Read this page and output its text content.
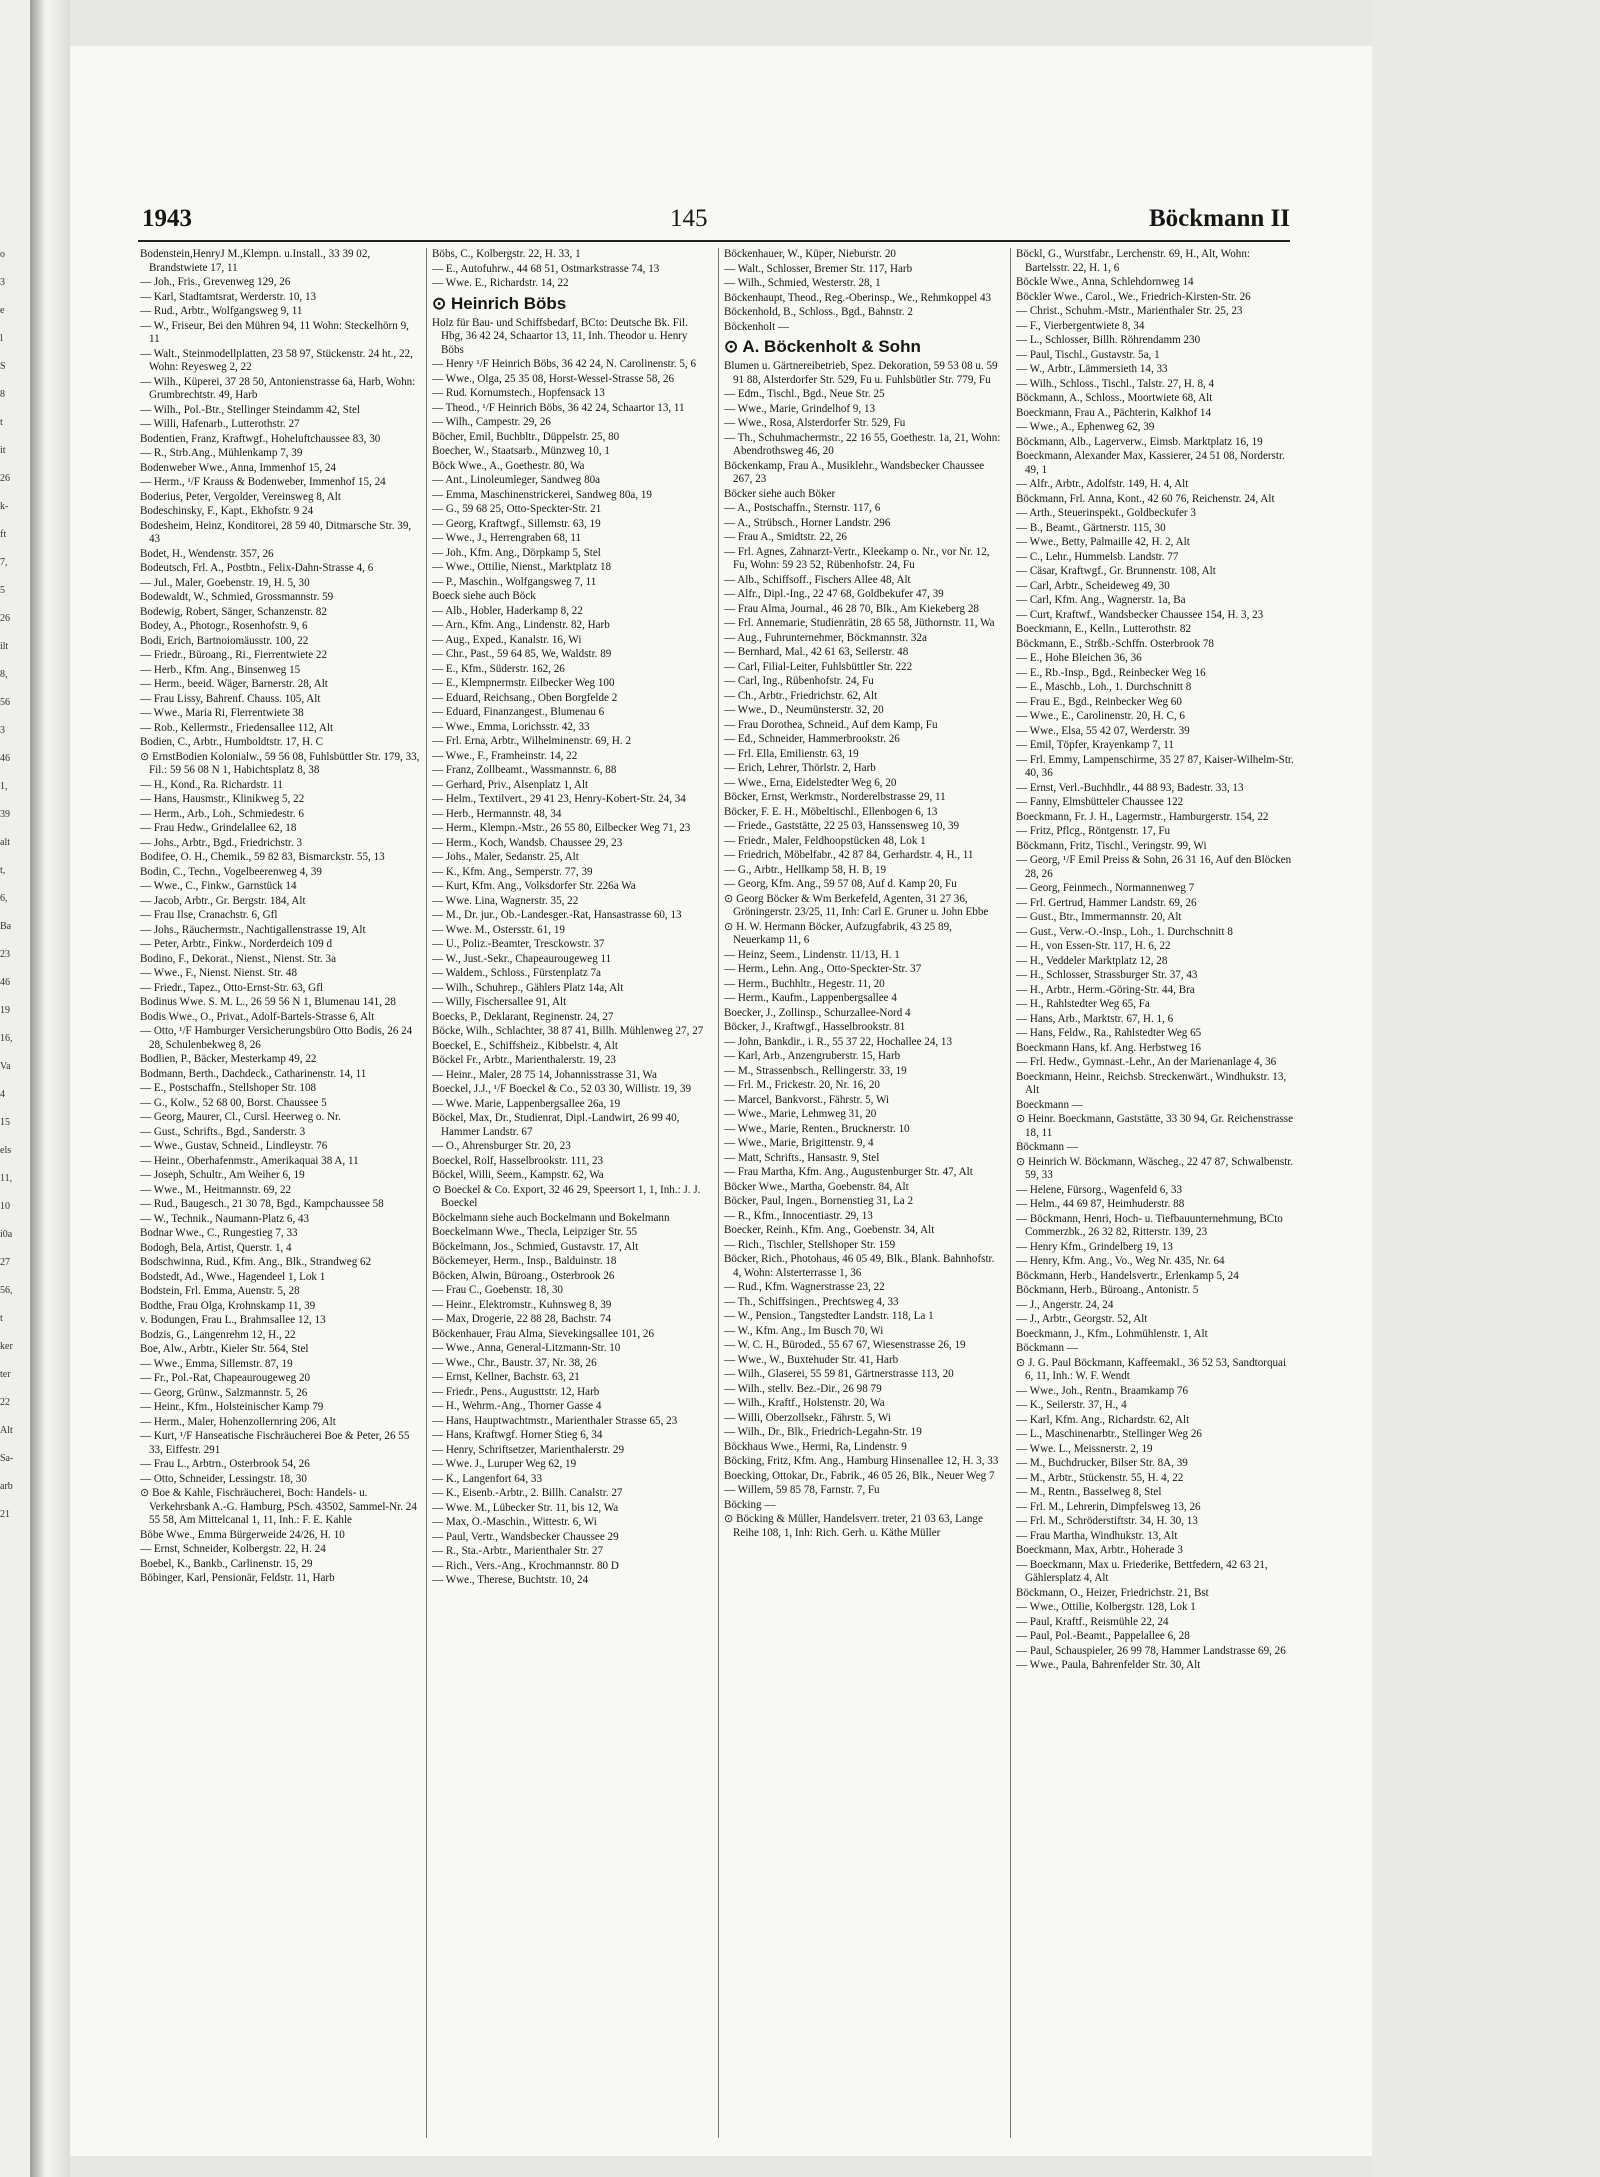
o
3
e
l
S
8
t
it
26
k-
ft
7,
5
26
ilt
8,
56
3
46
1,
39
alt
t,
6,
Ba
23
46
19
16,
Va
4
15
els
11,
10
i0a
27
56,
t
ker
ter
22
Alt
Sa-
arb
21
1943	145	Böckmann II
Bodenstein,HenryJ M.,Klempn. u.Install., 33 39 02, Brandstwiete 17, 11
— Joh., Fris., Grevenweg 129, 26
— Karl, Stadtamtsrat, Werderstr. 10, 13
— Rud., Arbtr., Wolfgangsweg 9, 11
— W., Friseur, Bei den Mühren 94, 11 Wohn: Steckelhörn 9, 11
— Walt., Steinmodellplatten, 23 58 97, Stückenstr. 24 ht., 22, Wohn: Reyesweg 2, 22
— Wilh., Küperei, 37 28 50, Antonienstrasse 6a, Harb, Wohn: Grumbrechtstr. 49, Harb
— Wilh., Pol.-Btr., Stellinger Steindamm 42, Stel
— Willi, Hafenarb., Lutterothstr. 27
Bodentien, Franz, Kraftwgf., Hoheluftchaussee 83, 30
— R., Strb.Ang., Mühlenkamp 7, 39
Bodenweber Wwe., Anna, Immenhof 15, 24
— Herm., ¹/F Krauss & Bodenweber, Immenhof 15, 24
Boderius, Peter, Vergolder, Vereinsweg 8, Alt
Bodeschinsky, F., Kapt., Ekhofstr. 9 24
Bodesheim, Heinz, Konditorei, 28 59 40, Ditmarsche Str. 39, 43
Bodet, H., Wendenstr. 357, 26
Bodeutsch, Frl. A., Postbtn., Felix-Dahn-Strasse 4, 6
— Jul., Maler, Goebenstr. 19, H. 5, 30
Bodewaldt, W., Schmied, Grossmannstr. 59
Bodewig, Robert, Sänger, Schanzenstr. 82
Bodey, A., Photogr., Rosenhofstr. 9, 6
Bodi, Erich, Bartnoiomäusstr. 100, 22
— Friedr., Büroang., Ri., Fierrentwiete 22
— Herb., Kfm. Ang., Binsenweg 15
— Herm., beeid. Wäger, Barnerstr. 28, Alt
— Frau Lissy, Bahrenf. Chauss. 105, Alt
— Wwe., Maria Ri, Flerrentwiete 38
— Rob., Kellermstr., Friedensallee 112, Alt
Bodien, C., Arbtr., Humboldtstr. 17, H. C
⊙ ErnstBodien Kolonialw., 59 56 08, Fuhlsbüttler Str. 179, 33, Fil.: 59 56 08 N 1, Habichtsplatz 8, 38
— H., Kond., Ra. Richardstr. 11
— Hans, Hausmstr., Klinikweg 5, 22
— Herm., Arb., Loh., Schmiedestr. 6
— Frau Hedw., Grindelallee 62, 18
— Johs., Arbtr., Bgd., Friedrichstr. 3
Bodifee, O. H., Chemik., 59 82 83, Bismarckstr. 55, 13
Bodin, C., Techn., Vogelbeerenweg 4, 39
— Wwe., C., Finkw., Garnstück 14
— Jacob, Arbtr., Gr. Bergstr. 184, Alt
— Frau Ilse, Cranachstr. 6, Gfl
— Johs., Räuchermstr., Nachtigallenstrasse 19, Alt
— Peter, Arbtr., Finkw., Norderdeich 109 d
Bodino, F., Dekorat., Nienst., Nienst. Str. 3a
— Wwe., F., Nienst. Nienst. Str. 48
— Friedr., Tapez., Otto-Ernst-Str. 63, Gfl
Bodinus Wwe. S. M. L., 26 59 56 N 1, Blumenau 141, 28
Bodis Wwe., O., Privat., Adolf-Bartels-Strasse 6, Alt
— Otto, ¹/F Hamburger Versicherungsbüro Otto Bodis, 26 24 28, Schulenbekweg 8, 26
Bodlien, P., Bäcker, Mesterkamp 49, 22
Bodmann, Berth., Dachdeck., Catharinenstr. 14, 11
— E., Postschaffn., Stellshoper Str. 108
— G., Kolw., 52 68 00, Borst. Chaussee 5
— Georg, Maurer, Cl., Cursl. Heerweg o. Nr.
— Gust., Schrifts., Bgd., Sanderstr. 3
— Wwe., Gustav, Schneid., Lindleystr. 76
— Heinr., Oberhafenmstr., Amerikaquai 38 A, 11
— Joseph, Schultr., Am Weiher 6, 19
— Wwe., M., Heitmannstr. 69, 22
— Rud., Baugesch., 21 30 78, Bgd., Kampchaussee 58
— W., Technik., Naumann-Platz 6, 43
Bodnar Wwe., C., Rungestieg 7, 33
Bodogh, Bela, Artist, Querstr. 1, 4
Bodschwinna, Rud., Kfm. Ang., Blk., Strandweg 62
Bodstedt, Ad., Wwe., Hagendeel 1, Lok 1
Bodstein, Frl. Emma, Auenstr. 5, 28
Bodthe, Frau Olga, Krohnskamp 11, 39
v. Bodungen, Frau L., Brahmsallee 12, 13
Bodzis, G., Langenrehm 12, H., 22
Boe, Alw., Arbtr., Kieler Str. 564, Stel
— Wwe., Emma, Sillemstr. 87, 19
— Fr., Pol.-Rat, Chapeaurougeweg 20
— Georg, Grünw., Salzmannstr. 5, 26
— Heinr., Kfm., Holsteinischer Kamp 79
— Herm., Maler, Hohenzollernring 206, Alt
— Kurt, ¹/F Hanseatische Fischräucherei Boe & Peter, 26 55 33, Eiffestr. 291
— Frau L., Arbtrn., Osterbrook 54, 26
— Otto, Schneider, Lessingstr. 18, 30
⊙ Boe & Kahle, Fischräucherei, Boch: Handels- u. Verkehrsbank A.-G. Hamburg, PSch. 43502, Sammel-Nr. 24 55 58, Am Mittelcanal 1, 11, Inh.: F. E. Kahle
Böbe Wwe., Emma Bürgerweide 24/26, H. 10
— Ernst, Schneider, Kolbergstr. 22, H. 24
Boebel, K., Bankb., Carlinenstr. 15, 29
Böbinger, Karl, Pensionär, Feldstr. 11, Harb
Böbs, C., Kolbergstr. 22, H. 33, 1
— E., Autofuhrw., 44 68 51, Ostmarkstrasse 74, 13
— Wwe. E., Richardstr. 14, 22
⊙ Heinrich Böbs
Holz für Bau- und Schiffsbedarf, BCto: Deutsche Bk. Fil. Hbg, 36 42 24, Schaartor 13, 11, Inh. Theodor u. Henry Böbs
— Henry ¹/F Heinrich Böbs, 36 42 24, N. Carolinenstr. 5, 6
— Wwe., Olga, 25 35 08, Horst-Wessel-Strasse 58, 26
— Rud. Kornumstech., Hopfensack 13
— Theod., ¹/F Heinrich Böbs, 36 42 24, Schaartor 13, 11
— Wilh., Campestr. 29, 26
Böcher, Emil, Buchbltr., Düppelstr. 25, 80
Boecher, W., Staatsarb., Münzweg 10, 1
Böck Wwe., A., Goethestr. 80, Wa
— Ant., Linoleumleger, Sandweg 80a
— Emma, Maschinenstrickerei, Sandweg 80a, 19
— G., 59 68 25, Otto-Speckter-Str. 21
— Georg, Kraftwgf., Sillemstr. 63, 19
— Wwe., J., Herrengraben 68, 11
— Joh., Kfm. Ang., Dörpkamp 5, Stel
— Wwe., Ottilie, Nienst., Marktplatz 18
— P., Maschin., Wolfgangsweg 7, 11
Boeck siehe auch Böck
— Alb., Hobler, Haderkamp 8, 22
— Arn., Kfm. Ang., Lindenstr. 82, Harb
— Aug., Exped., Kanalstr. 16, Wi
— Chr., Past., 59 64 85, We, Waldstr. 89
— E., Kfm., Süderstr. 162, 26
— E., Klempnermstr. Eilbecker Weg 100
— Eduard, Reichsang., Oben Borgfelde 2
— Eduard, Finanzangest., Blumenau 6
— Wwe., Emma, Lorichsstr. 42, 33
— Frl. Erna, Arbtr., Wilhelminenstr. 69, H. 2
— Wwe., F., Framheinstr. 14, 22
— Franz, Zollbeamt., Wassmannstr. 6, 88
— Gerhard, Priv., Alsenplatz 1, Alt
— Helm., Textilvert., 29 41 23, Henry-Kobert-Str. 24, 34
— Herb., Hermannstr. 48, 34
— Herm., Klempn.-Mstr., 26 55 80, Eilbecker Weg 71, 23
— Herm., Koch, Wandsb. Chaussee 29, 23
— Johs., Maler, Sedanstr. 25, Alt
— K., Kfm. Ang., Semperstr. 77, 39
— Kurt, Kfm. Ang., Volksdorfer Str. 226a Wa
— Wwe. Lina, Wagnerstr. 35, 22
— M., Dr. jur., Ob.-Landesger.-Rat, Hansastrasse 60, 13
— Wwe. M., Ostersstr. 61, 19
— U., Poliz.-Beamter, Tresckowstr. 37
— W., Just.-Sekr., Chapeaurougeweg 11
— Waldem., Schloss., Fürstenplatz 7a
— Wilh., Schuhrep., Gählers Platz 14a, Alt
— Willy, Fischersallee 91, Alt
Boecks, P., Deklarant, Reginenstr. 24, 27
Böcke, Wilh., Schlachter, 38 87 41, Billh. Mühlenweg 27, 27
Boeckel, E., Schiffsheiz., Kibbelstr. 4, Alt
Böckel Fr., Arbtr., Marienthalerstr. 19, 23
— Heinr., Maler, 28 75 14, Johannisstrasse 31, Wa
Boeckel, J.J., ¹/F Boeckel & Co., 52 03 30, Willistr. 19, 39
— Wwe. Marie, Lappenbergsallee 26a, 19
Böckel, Max, Dr., Studienrat, Dipl.-Landwirt, 26 99 40, Hammer Landstr. 67
— O., Ahrensburger Str. 20, 23
Boeckel, Rolf, Hasselbrookstr. 111, 23
Böckel, Willi, Seem., Kampstr. 62, Wa
⊙ Boeckel & Co. Export, 32 46 29, Speersort 1, 1, Inh.: J. J. Boeckel
Böckelmann siehe auch Bockelmann und Bokelmann
Boeckelmann Wwe., Thecla, Leipziger Str. 55
Böckelmann, Jos., Schmied, Gustavstr. 17, Alt
Böckemeyer, Herm., Insp., Balduinstr. 18
Böcken, Alwin, Büroang., Osterbrook 26
— Frau C., Goebenstr. 18, 30
— Heinr., Elektromstr., Kuhnsweg 8, 39
— Max, Drogerie, 22 88 28, Bachstr. 74
Böckenhauer, Frau Alma, Sievekingsallee 101, 26
— Wwe., Anna, General-Litzmann-Str. 10
— Wwe., Chr., Baustr. 37, Nr. 38, 26
— Ernst, Kellner, Bachstr. 63, 21
— Friedr., Pens., Augusttstr. 12, Harb
— H., Wehrm.-Ang., Thorner Gasse 4
— Hans, Hauptwachtmstr., Marienthaler Strasse 65, 23
— Hans, Kraftwgf. Horner Stieg 6, 34
— Henry, Schriftsetzer, Marienthalerstr. 29
— Wwe. J., Luruper Weg 62, 19
— K., Langenfort 64, 33
— K., Eisenb.-Arbtr., 2. Billh. Canalstr. 27
— Wwe. M., Lübecker Str. 11, bis 12, Wa
— Max, O.-Maschin., Wittestr. 6, Wi
— Paul, Vertr., Wandsbecker Chaussee 29
— R., Sta.-Arbtr., Marienthaler Str. 27
— Rich., Vers.-Ang., Krochmannstr. 80 D
— Wwe., Therese, Buchtstr. 10, 24
Böckenhauer, W., Küper, Nieburstr. 20
— Walt., Schlosser, Bremer Str. 117, Harb
— Wilh., Schmied, Westerstr. 28, 1
Böckenhaupt, Theod., Reg.-Oberinsp., We., Rehmkoppel 43
Böckenhold, B., Schloss., Bgd., Bahnstr. 2
Böckenholt —
⊙ A. Böckenholt & Sohn
Blumen u. Gärtnereibetrieb, Spez. Dekoration, 59 53 08 u. 59 91 88, Alsterdorfer Str. 529, Fu u. Fuhlsbütler Str. 779, Fu
— Edm., Tischl., Bgd., Neue Str. 25
— Wwe., Marie, Grindelhof 9, 13
— Wwe., Rosa, Alsterdorfer Str. 529, Fu
— Th., Schuhmachermstr., 22 16 55, Goethestr. 1a, 21, Wohn: Abendrothsweg 46, 20
Böckenkamp, Frau A., Musiklehr., Wandsbecker Chaussee 267, 23
Böcker siehe auch Böker
— A., Postschaffn., Sternstr. 117, 6
— A., Strübsch., Horner Landstr. 296
— Frau A., Smidtstr. 22, 26
— Frl. Agnes, Zahnarzt-Vertr., Kleekamp o. Nr., vor Nr. 12, Fu, Wohn: 59 23 52, Rübenhofstr. 24, Fu
— Alb., Schiffsoff., Fischers Allee 48, Alt
— Alfr., Dipl.-Ing., 22 47 68, Goldbekufer 47, 39
— Frau Alma, Journal., 46 28 70, Blk., Am Kiekeberg 28
— Frl. Annemarie, Studienrätin, 28 65 58, Jüthornstr. 11, Wa
— Aug., Fuhrunternehmer, Böckmannstr. 32a
— Bernhard, Mal., 42 61 63, Seilerstr. 48
— Carl, Filial-Leiter, Fuhlsbüttler Str. 222
— Carl, Ing., Rübenhofstr. 24, Fu
— Ch., Arbtr., Friedrichstr. 62, Alt
— Wwe., D., Neumünsterstr. 32, 20
— Frau Dorothea, Schneid., Auf dem Kamp, Fu
— Ed., Schneider, Hammerbrookstr. 26
— Frl. Ella, Emilienstr. 63, 19
— Erich, Lehrer, Thörlstr. 2, Harb
— Wwe., Erna, Eidelstedter Weg 6, 20
Böcker, Ernst, Werkmstr., Norderelbstrasse 29, 11
Böcker, F. E. H., Möbeltischl., Ellenbogen 6, 13
— Friede., Gaststätte, 22 25 03, Hanssensweg 10, 39
— Friedr., Maler, Feldhoopstücken 48, Lok 1
— Friedrich, Möbelfabr., 42 87 84, Gerhardstr. 4, H., 11
— G., Arbtr., Hellkamp 58, H. B, 19
— Georg, Kfm. Ang., 59 57 08, Auf d. Kamp 20, Fu
⊙ Georg Böcker & Wm Berkefeld, Agenten, 31 27 36, Gröningerstr. 23/25, 11, Inh: Carl E. Gruner u. John Ebbe
⊙ H. W. Hermann Böcker, Aufzugfabrik, 43 25 89, Neuerkamp 11, 6
— Heinz, Seem., Lindenstr. 11/13, H. 1
— Herm., Lehn. Ang., Otto-Speckter-Str. 37
— Herm., Buchhltr., Hegestr. 11, 20
— Herm., Kaufm., Lappenbergsallee 4
Boecker, J., Zollinsp., Schurzallee-Nord 4
Böcker, J., Kraftwgf., Hasselbrookstr. 81
— John, Bankdir., i. R., 55 37 22, Hochallee 24, 13
— Karl, Arb., Anzengruberstr. 15, Harb
— M., Strassenbsch., Rellingerstr. 33, 19
— Frl. M., Frickestr. 20, Nr. 16, 20
— Marcel, Bankvorst., Fährstr. 5, Wi
— Wwe., Marie, Lehmweg 31, 20
— Wwe., Marie, Renten., Brucknerstr. 10
— Wwe., Marie, Brigittenstr. 9, 4
— Matt, Schrifts., Hansastr. 9, Stel
— Frau Martha, Kfm. Ang., Augustenburger Str. 47, Alt
Böcker Wwe., Martha, Goebenstr. 84, Alt
Böcker, Paul, Ingen., Bornenstieg 31, La 2
— R., Kfm., Innocentiastr. 29, 13
Boecker, Reinh., Kfm. Ang., Goebenstr. 34, Alt
— Rich., Tischler, Stellshoper Str. 159
Böcker, Rich., Photohaus, 46 05 49, Blk., Blank. Bahnhofstr. 4, Wohn: Alsterterrasse 1, 36
— Rud., Kfm. Wagnerstrasse 23, 22
— Th., Schiffsingen., Prechtsweg 4, 33
— W., Pension., Tangstedter Landstr. 118, La 1
— W., Kfm. Ang., Im Busch 70, Wi
— W. C. H., Büroded., 55 67 67, Wiesenstrasse 26, 19
— Wwe., W., Buxtehuder Str. 41, Harb
— Wilh., Glaserei, 55 59 81, Gärtnerstrasse 113, 20
— Wilh., stellv. Bez.-Dir., 26 98 79
— Wilh., Kraftf., Holstenstr. 20, Wa
— Willi, Oberzollsekr., Fährstr. 5, Wi
— Wilh., Dr., Blk., Friedrich-Legahn-Str. 19
Böckhaus Wwe., Hermi, Ra, Lindenstr. 9
Böcking, Fritz, Kfm. Ang., Hamburg Hinsenallee 12, H. 3, 33
Boecking, Ottokar, Dr., Fabrik., 46 05 26, Blk., Neuer Weg 7
— Willem, 59 85 78, Farnstr. 7, Fu
Böcking —
⊙ Böcking & Müller, Handelsverr. treter, 21 03 63, Lange Reihe 108, 1, Inh: Rich. Gerh. u. Käthe Müller
Böckl, G., Wurstfabr., Lerchenstr. 69, H., Alt, Wohn: Bartelsstr. 22, H. 1, 6
Böckle Wwe., Anna, Schlehdornweg 14
Böckler Wwe., Carol., We., Friedrich-Kirsten-Str. 26
— Christ., Schuhm.-Mstr., Marienthaler Str. 25, 23
— F., Vierbergentwiete 8, 34
— L., Schlosser, Billh. Röhrendamm 230
— Paul, Tischl., Gustavstr. 5a, 1
— W., Arbtr., Lämmersieth 14, 33
— Wilh., Schloss., Tischl., Talstr. 27, H. 8, 4
Böckmann, A., Schloss., Moortwiete 68, Alt
Boeckmann, Frau A., Pächterin, Kalkhof 14
— Wwe., A., Ephenweg 62, 39
Böckmann, Alb., Lagerverw., Eimsb. Marktplatz 16, 19
Boeckmann, Alexander Max, Kassierer, 24 51 08, Norderstr. 49, 1
— Alfr., Arbtr., Adolfstr. 149, H. 4, Alt
Böckmann, Frl. Anna, Kont., 42 60 76, Reichenstr. 24, Alt
— Arth., Steuerinspekt., Goldbeckufer 3
— B., Beamt., Gärtnerstr. 115, 30
— Wwe., Betty, Palmaille 42, H. 2, Alt
— C., Lehr., Hummelsb. Landstr. 77
— Cäsar, Kraftwgf., Gr. Brunnenstr. 108, Alt
— Carl, Arbtr., Scheideweg 49, 30
— Carl, Kfm. Ang., Wagnerstr. 1a, Ba
— Curt, Kraftwf., Wandsbecker Chaussee 154, H. 3, 23
Boeckmann, E., Kelln., Lutterothstr. 82
Böckmann, E., Strßb.-Schffn. Osterbrook 78
— E., Hohe Bleichen 36, 36
— E., Rb.-Insp., Bgd., Reinbecker Weg 16
— E., Maschb., Loh., 1. Durchschnitt 8
— Frau E., Bgd., Reinbecker Weg 60
— Wwe., E., Carolinenstr. 20, H. C, 6
— Wwe., Elsa, 55 42 07, Werderstr. 39
— Emil, Töpfer, Krayenkamp 7, 11
— Frl. Emmy, Lampenschirme, 35 27 87, Kaiser-Wilhelm-Str. 40, 36
— Ernst, Verl.-Buchhdlr., 44 88 93, Badestr. 33, 13
— Fanny, Elmsbütteler Chaussee 122
Boeckmann, Fr. J. H., Lagermstr., Hamburgerstr. 154, 22
— Fritz, Pflcg., Röntgenstr. 17, Fu
Böckmann, Fritz, Tischl., Veringstr. 99, Wi
— Georg, ¹/F Emil Preiss & Sohn, 26 31 16, Auf den Blöcken 28, 26
— Georg, Feinmech., Normannenweg 7
— Frl. Gertrud, Hammer Landstr. 69, 26
— Gust., Btr., Immermannstr. 20, Alt
— Gust., Verw.-O.-Insp., Loh., 1. Durchschnitt 8
— H., von Essen-Str. 117, H. 6, 22
— H., Veddeler Marktplatz 12, 28
— H., Schlosser, Strassburger Str. 37, 43
— H., Arbtr., Herm.-Göring-Str. 44, Bra
— H., Rahlstedter Weg 65, Fa
— Hans, Arb., Marktstr. 67, H. 1, 6
— Hans, Feldw., Ra., Rahlstedter Weg 65
Boeckmann Hans, kf. Ang. Herbstweg 16
— Frl. Hedw., Gymnast.-Lehr., An der Marienanlage 4, 36
Boeckmann, Heinr., Reichsb. Streckenwärt., Windhukstr. 13, Alt
Boeckmann —
⊙ Heinr. Boeckmann, Gaststätte, 33 30 94, Gr. Reichenstrasse 18, 11
Böckmann —
⊙ Heinrich W. Böckmann, Wäscheg., 22 47 87, Schwalbenstr. 59, 33
— Helene, Fürsorg., Wagenfeld 6, 33
— Helm., 44 69 87, Heimhuderstr. 88
— Böckmann, Henri, Hoch- u. Tiefbauunternehmung, BCto Commerzbk., 26 32 82, Ritterstr. 139, 23
— Henry Kfm., Grindelberg 19, 13
— Henry, Kfm. Ang., Vo., Weg Nr. 435, Nr. 64
Böckmann, Herb., Handelsvertr., Erlenkamp 5, 24
Böckmann, Herb., Büroang., Antonistr. 5
— J., Angerstr. 24, 24
— J., Arbtr., Georgstr. 52, Alt
Boeckmann, J., Kfm., Lohmühlenstr. 1, Alt
Böckmann —
⊙ J. G. Paul Böckmann, Kaffeemakl., 36 52 53, Sandtorquai 6, 11, Inh.: W. F. Wendt
— Wwe., Joh., Rentn., Braamkamp 76
— K., Seilerstr. 37, H., 4
— Karl, Kfm. Ang., Richardstr. 62, Alt
— L., Maschinenarbtr., Stellinger Weg 26
— Wwe. L., Meissnerstr. 2, 19
— M., Buchdrucker, Bilser Str. 8A, 39
— M., Arbtr., Stückenstr. 55, H. 4, 22
— M., Rentn., Basselweg 8, Stel
— Frl. M., Lehrerin, Dimpfelsweg 13, 26
— Frl. M., Schröderstiftstr. 34, H. 30, 13
— Frau Martha, Windhukstr. 13, Alt
Boeckmann, Max, Arbtr., Hoherade 3
— Boeckmann, Max u. Friederike, Bettfedern, 42 63 21, Gählersplatz 4, Alt
Böckmann, O., Heizer, Friedrichstr. 21, Bst
— Wwe., Ottilie, Kolbergstr. 128, Lok 1
— Paul, Kraftf., Reismühle 22, 24
— Paul, Pol.-Beamt., Pappelallee 6, 28
— Paul, Schauspieler, 26 99 78, Hammer Landstrasse 69, 26
— Wwe., Paula, Bahrenfelder Str. 30, Alt
